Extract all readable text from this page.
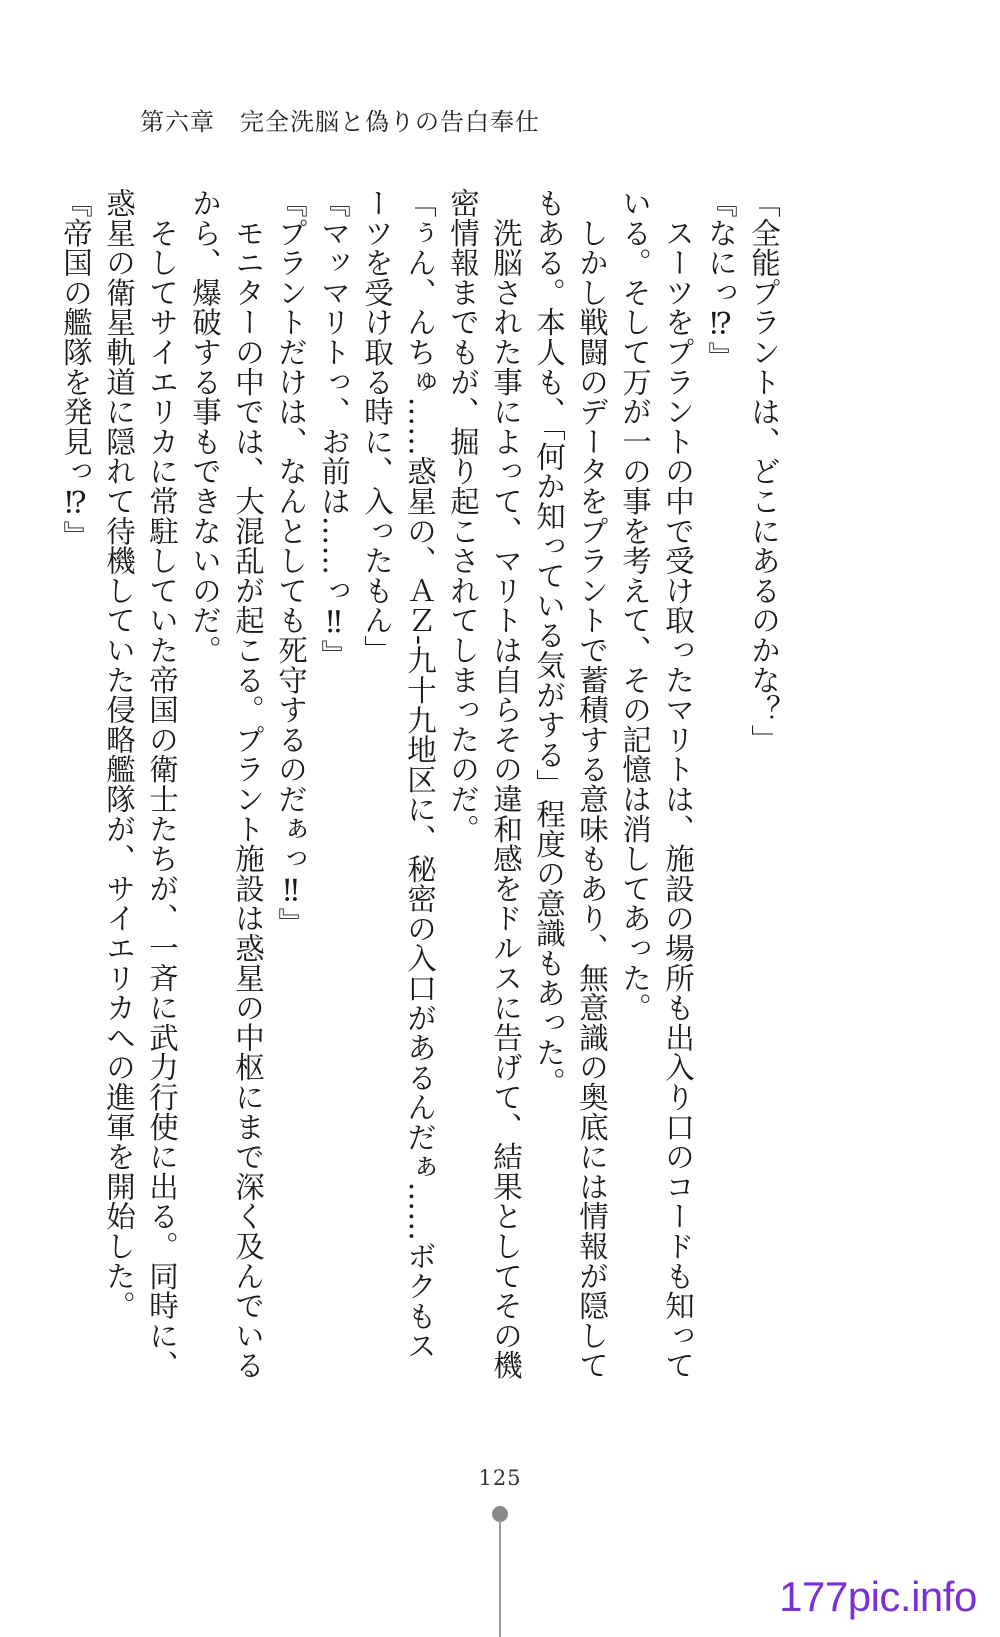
第六章　完全洗脳と偽りの告白奉仕

「全能プラントは、どこにあるのかな？」

『なにっ⁉』

　スーツをプラントの中で受け取ったマリトは、施設の場所も出入り口のコードも知って

いる。そして万が一の事を考えて、その記憶は消してあった。

　しかし戦闘のデータをプラントで蓄積する意味もあり、無意識の奥底には情報が隠して

もある。本人も、「何か知っている気がする」程度の意識もあった。

　洗脳された事によって、マリトは自らその違和感をドルスに告げて、結果としてその機

密情報までもが、掘り起こされてしまったのだ。

「ぅん、んちゅ……惑星の、ＡＺ‐九十九地区に、秘密の入口があるんだぁ……ボクもス

ーツを受け取る時に、入ったもん」

『マッマリトっ、お前は……っ‼』

『プラントだけは、なんとしても死守するのだぁっ‼』

　モニターの中では、大混乱が起こる。プラント施設は惑星の中枢にまで深く及んでいる

から、爆破する事もできないのだ。

　そしてサイエリカに常駐していた帝国の衛士たちが、一斉に武力行使に出る。同時に、

惑星の衛星軌道に隠れて待機していた侵略艦隊が、サイエリカへの進軍を開始した。

『帝国の艦隊を発見っ⁉』

125
177pic.info
